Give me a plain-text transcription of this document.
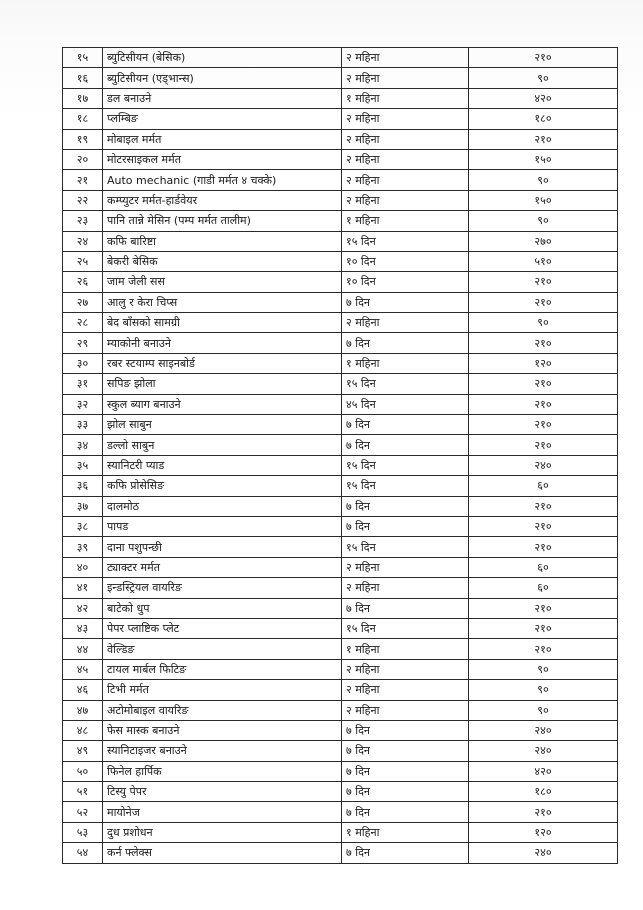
१५	ब्युटिसीयन (बेसिक)	२ महिना	२१०
१६	ब्युटिसीयन (एड्भान्स)	२ महिना	९०
१७	डल बनाउने	१ महिना	४२०
१८	प्लम्बिङ	२ महिना	१८०
१९	मोबाइल मर्मत	२ महिना	२१०
२०	मोटरसाइकल मर्मत	२ महिना	१५०
२१	Auto mechanic (गाडी मर्मत ४ चक्के)	२ महिना	९०
२२	कम्प्युटर मर्मत-हार्डवेयर	२ महिना	१५०
२३	पानि तान्ने मेसिन (पम्प मर्मत तालीम)	१ महिना	९०
२४	कफि बारिष्टा	१५ दिन	२७०
२५	बेकरी बेसिक	१० दिन	५१०
२६	जाम जेली सस	१० दिन	२१०
२७	आलु र केरा चिप्स	७ दिन	२१०
२८	बेद बाँसको सामग्री	२ महिना	९०
२९	म्याकोनी बनाउने	७ दिन	२१०
३०	रबर स्टयाम्प साइनबोर्ड	१ महिना	१२०
३१	सपिङ झोला	१५ दिन	२१०
३२	स्कुल ब्याग बनाउने	४५ दिन	२१०
३३	झोल साबुन	७ दिन	२१०
३४	डल्लो साबुन	७ दिन	२१०
३५	स्यानिटरी प्याड	१५ दिन	२४०
३६	कफि प्रोसेसिङ	१५ दिन	६०
३७	दालमोठ	७ दिन	२१०
३८	पापड	७ दिन	२१०
३९	दाना पशुपन्छी	१५ दिन	२१०
४०	ट्याक्टर मर्मत	२ महिना	६०
४१	इन्डस्ट्रियल वायरिङ	२ महिना	६०
४२	बाटेको धुप	७ दिन	२१०
४३	पेपर प्लाष्टिक प्लेट	१५ दिन	२१०
४४	वेल्डिङ	१ महिना	२१०
४५	टायल मार्बल फिटिङ	२ महिना	९०
४६	टिभी मर्मत	२ महिना	९०
४७	अटोमोबाइल वायरिङ	२ महिना	९०
४८	फेस मास्क बनाउने	७ दिन	२४०
४९	स्यानिटाइजर बनाउने	७ दिन	२४०
५०	फिनेल हार्पिक	७ दिन	४२०
५१	टिस्यु पेपर	७ दिन	१८०
५२	मायोनेज	७ दिन	२१०
५३	दुध प्रशोधन	१ महिना	१२०
५४	कर्न फ्लेक्स	७ दिन	२४०
